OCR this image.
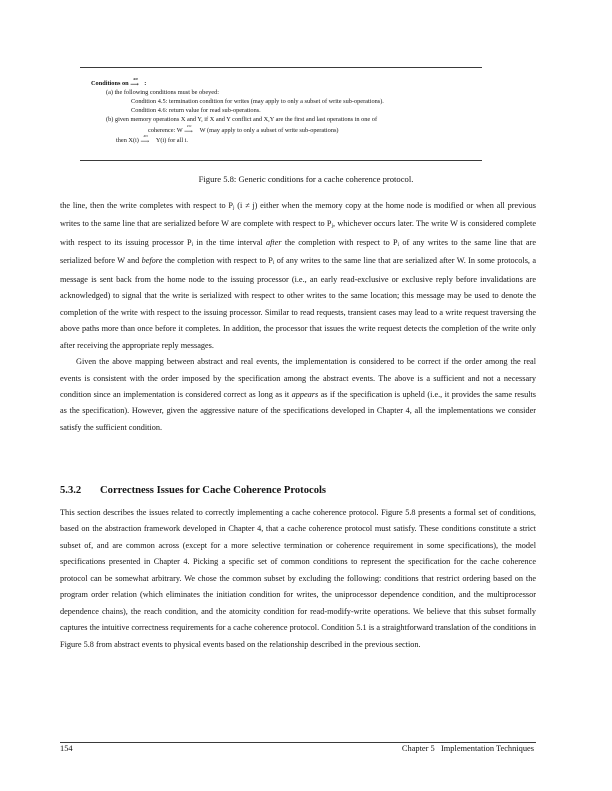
Conditions on
xo
⟶ :
(a) the following conditions must be obeyed:
Condition 4.5: termination condition for writes (may apply to only a subset of write sub-operations).
Condition 4.6: return value for read sub-operations.
(b) given memory operations X and Y, if X and Y conflict and X,Y are the first and last operations in one of
coherence: W
co
⟶ W (may apply to only a subset of write sub-operations)
then X(i)
xo
⟶ Y(i) for all i.
Figure 5.8: Generic conditions for a cache coherence protocol.

the line, then the write completes with respect to $P_j$ (i ≠ j) either when the memory copy at the home node is modified or when all previous writes to the same line that are serialized before W are complete with respect to $P_j$, whichever occurs later. The write W is considered complete with respect to its issuing processor $P_i$ in the time interval after the completion with respect to $P_i$ of any writes to the same line that are serialized before W and before the completion with respect to $P_i$ of any writes to the same line that are serialized after W. In some protocols, a message is sent back from the home node to the issuing processor (i.e., an early read-exclusive or exclusive reply before invalidations are acknowledged) to signal that the write is serialized with respect to other writes to the same location; this message may be used to denote the completion of the write with respect to the issuing processor. Similar to read requests, transient cases may lead to a write request traversing the above paths more than once before it completes. In addition, the processor that issues the write request detects the completion of the write only after receiving the appropriate reply messages.

Given the above mapping between abstract and real events, the implementation is considered to be correct if the order among the real events is consistent with the order imposed by the specification among the abstract events. The above is a sufficient and not a necessary condition since an implementation is considered correct as long as it appears as if the specification is upheld (i.e., it provides the same results as the specification). However, given the aggressive nature of the specifications developed in Chapter 4, all the implementations we consider satisfy the sufficient condition.

5.3.2 Correctness Issues for Cache Coherence Protocols

This section describes the issues related to correctly implementing a cache coherence protocol. Figure 5.8 presents a formal set of conditions, based on the abstraction framework developed in Chapter 4, that a cache coherence protocol must satisfy. These conditions constitute a strict subset of, and are common across (except for a more selective termination or coherence requirement in some specifications), the model specifications presented in Chapter 4. Picking a specific set of common conditions to represent the specification for the cache coherence protocol can be somewhat arbitrary. We chose the common subset by excluding the following: conditions that restrict ordering based on the program order relation (which eliminates the initiation condition for writes, the uniprocessor dependence condition, and the multiprocessor dependence chains), the reach condition, and the atomicity condition for read-modify-write operations. We believe that this subset formally captures the intuitive correctness requirements for a cache coherence protocol. Condition 5.1 is a straightforward translation of the conditions in Figure 5.8 from abstract events to physical events based on the relationship described in the previous section.

154	Chapter 5 Implementation Techniques
